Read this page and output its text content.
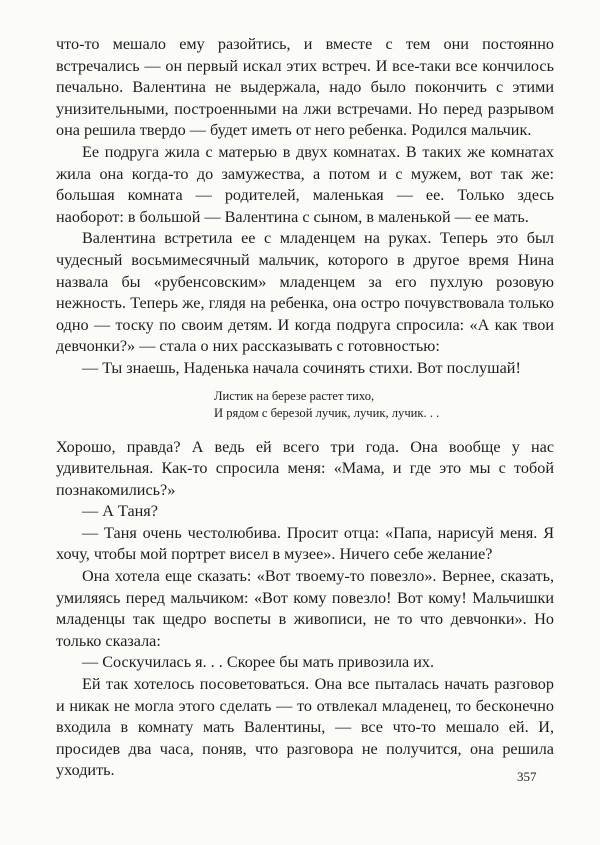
что-то мешало ему разойтись, и вместе с тем они постоянно встречались — он первый искал этих встреч. И все-таки все кончилось печально. Валентина не выдержала, надо было покончить с этими унизительными, построенными на лжи встречами. Но перед разрывом она решила твердо — будет иметь от него ребенка. Родился мальчик.

Ее подруга жила с матерью в двух комнатах. В таких же комнатах жила она когда-то до замужества, а потом и с мужем, вот так же: большая комната — родителей, маленькая — ее. Только здесь наоборот: в большой — Валентина с сыном, в маленькой — ее мать.

Валентина встретила ее с младенцем на руках. Теперь это был чудесный восьмимесячный мальчик, которого в другое время Нина назвала бы «рубенсовским» младенцем за его пухлую розовую нежность. Теперь же, глядя на ребенка, она остро почувствовала только одно — тоску по своим детям. И когда подруга спросила: «А как твои девчонки?» — стала о них рассказывать с готовностью:

— Ты знаешь, Наденька начала сочинять стихи. Вот послушай!

Листик на березе растет тихо,
И рядом с березой лучик, лучик, лучик. . .

Хорошо, правда? А ведь ей всего три года. Она вообще у нас удивительная. Как-то спросила меня: «Мама, и где это мы с тобой познакомились?»

— А Таня?

— Таня очень честолюбива. Просит отца: «Папа, нарисуй меня. Я хочу, чтобы мой портрет висел в музее». Ничего себе желание?

Она хотела еще сказать: «Вот твоему-то повезло». Вернее, сказать, умиляясь перед мальчиком: «Вот кому повезло! Вот кому! Мальчишки младенцы так щедро воспеты в живописи, не то что девчонки». Но только сказала:

— Соскучилась я. . . Скорее бы мать привозила их.

Ей так хотелось посоветоваться. Она все пыталась начать разговор и никак не могла этого сделать — то отвлекал младенец, то бесконечно входила в комнату мать Валентины, — все что-то мешало ей. И, просидев два часа, поняв, что разговора не получится, она решила уходить.	357
